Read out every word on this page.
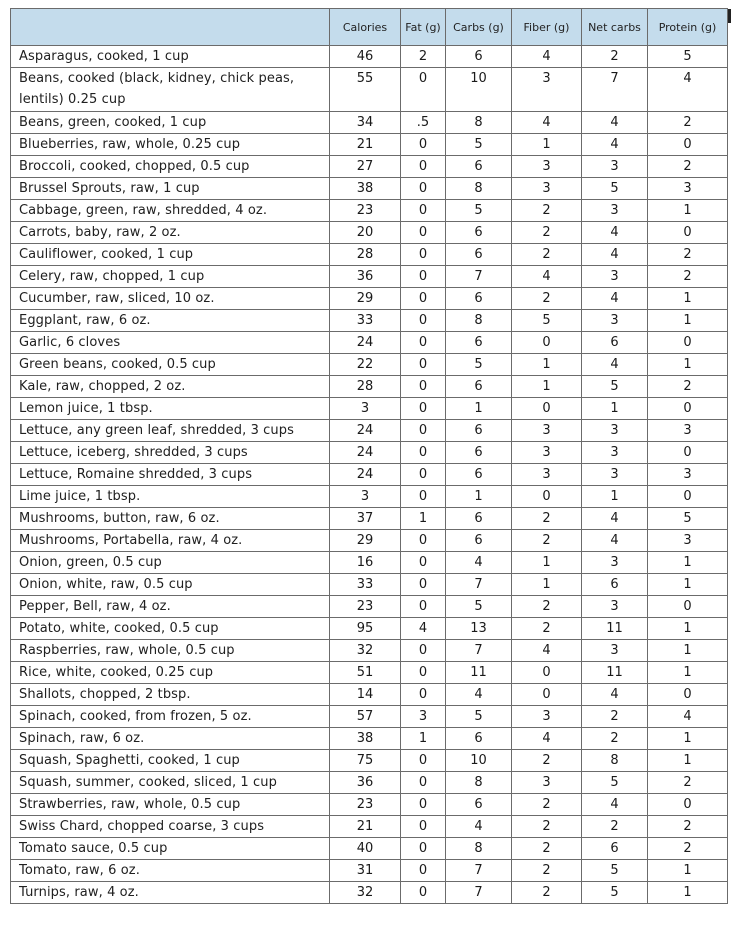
	Calories	Fat (g)	Carbs (g)	Fiber (g)	Net carbs	Protein (g)
Asparagus, cooked, 1 cup	46	2	6	4	2	5
Beans, cooked (black, kidney, chick peas, lentils) 0.25 cup	55	0	10	3	7	4
Beans, green, cooked, 1 cup	34	.5	8	4	4	2
Blueberries, raw, whole, 0.25 cup	21	0	5	1	4	0
Broccoli, cooked, chopped, 0.5 cup	27	0	6	3	3	2
Brussel Sprouts, raw, 1 cup	38	0	8	3	5	3
Cabbage, green, raw, shredded, 4 oz.	23	0	5	2	3	1
Carrots, baby, raw, 2 oz.	20	0	6	2	4	0
Cauliflower, cooked, 1 cup	28	0	6	2	4	2
Celery, raw, chopped, 1 cup	36	0	7	4	3	2
Cucumber, raw, sliced, 10 oz.	29	0	6	2	4	1
Eggplant, raw, 6 oz.	33	0	8	5	3	1
Garlic, 6 cloves	24	0	6	0	6	0
Green beans, cooked, 0.5 cup	22	0	5	1	4	1
Kale, raw, chopped, 2 oz.	28	0	6	1	5	2
Lemon juice, 1 tbsp.	3	0	1	0	1	0
Lettuce, any green leaf, shredded, 3 cups	24	0	6	3	3	3
Lettuce, iceberg, shredded, 3 cups	24	0	6	3	3	0
Lettuce, Romaine shredded, 3 cups	24	0	6	3	3	3
Lime juice, 1 tbsp.	3	0	1	0	1	0
Mushrooms, button, raw, 6 oz.	37	1	6	2	4	5
Mushrooms, Portabella, raw, 4 oz.	29	0	6	2	4	3
Onion, green, 0.5 cup	16	0	4	1	3	1
Onion, white, raw, 0.5 cup	33	0	7	1	6	1
Pepper, Bell, raw, 4 oz.	23	0	5	2	3	0
Potato, white, cooked, 0.5 cup	95	4	13	2	11	1
Raspberries, raw, whole, 0.5 cup	32	0	7	4	3	1
Rice, white, cooked, 0.25 cup	51	0	11	0	11	1
Shallots, chopped, 2 tbsp.	14	0	4	0	4	0
Spinach, cooked, from frozen, 5 oz.	57	3	5	3	2	4
Spinach, raw, 6 oz.	38	1	6	4	2	1
Squash, Spaghetti, cooked, 1 cup	75	0	10	2	8	1
Squash, summer, cooked, sliced, 1 cup	36	0	8	3	5	2
Strawberries, raw, whole, 0.5 cup	23	0	6	2	4	0
Swiss Chard, chopped coarse, 3 cups	21	0	4	2	2	2
Tomato sauce, 0.5 cup	40	0	8	2	6	2
Tomato, raw, 6 oz.	31	0	7	2	5	1
Turnips, raw, 4 oz.	32	0	7	2	5	1
